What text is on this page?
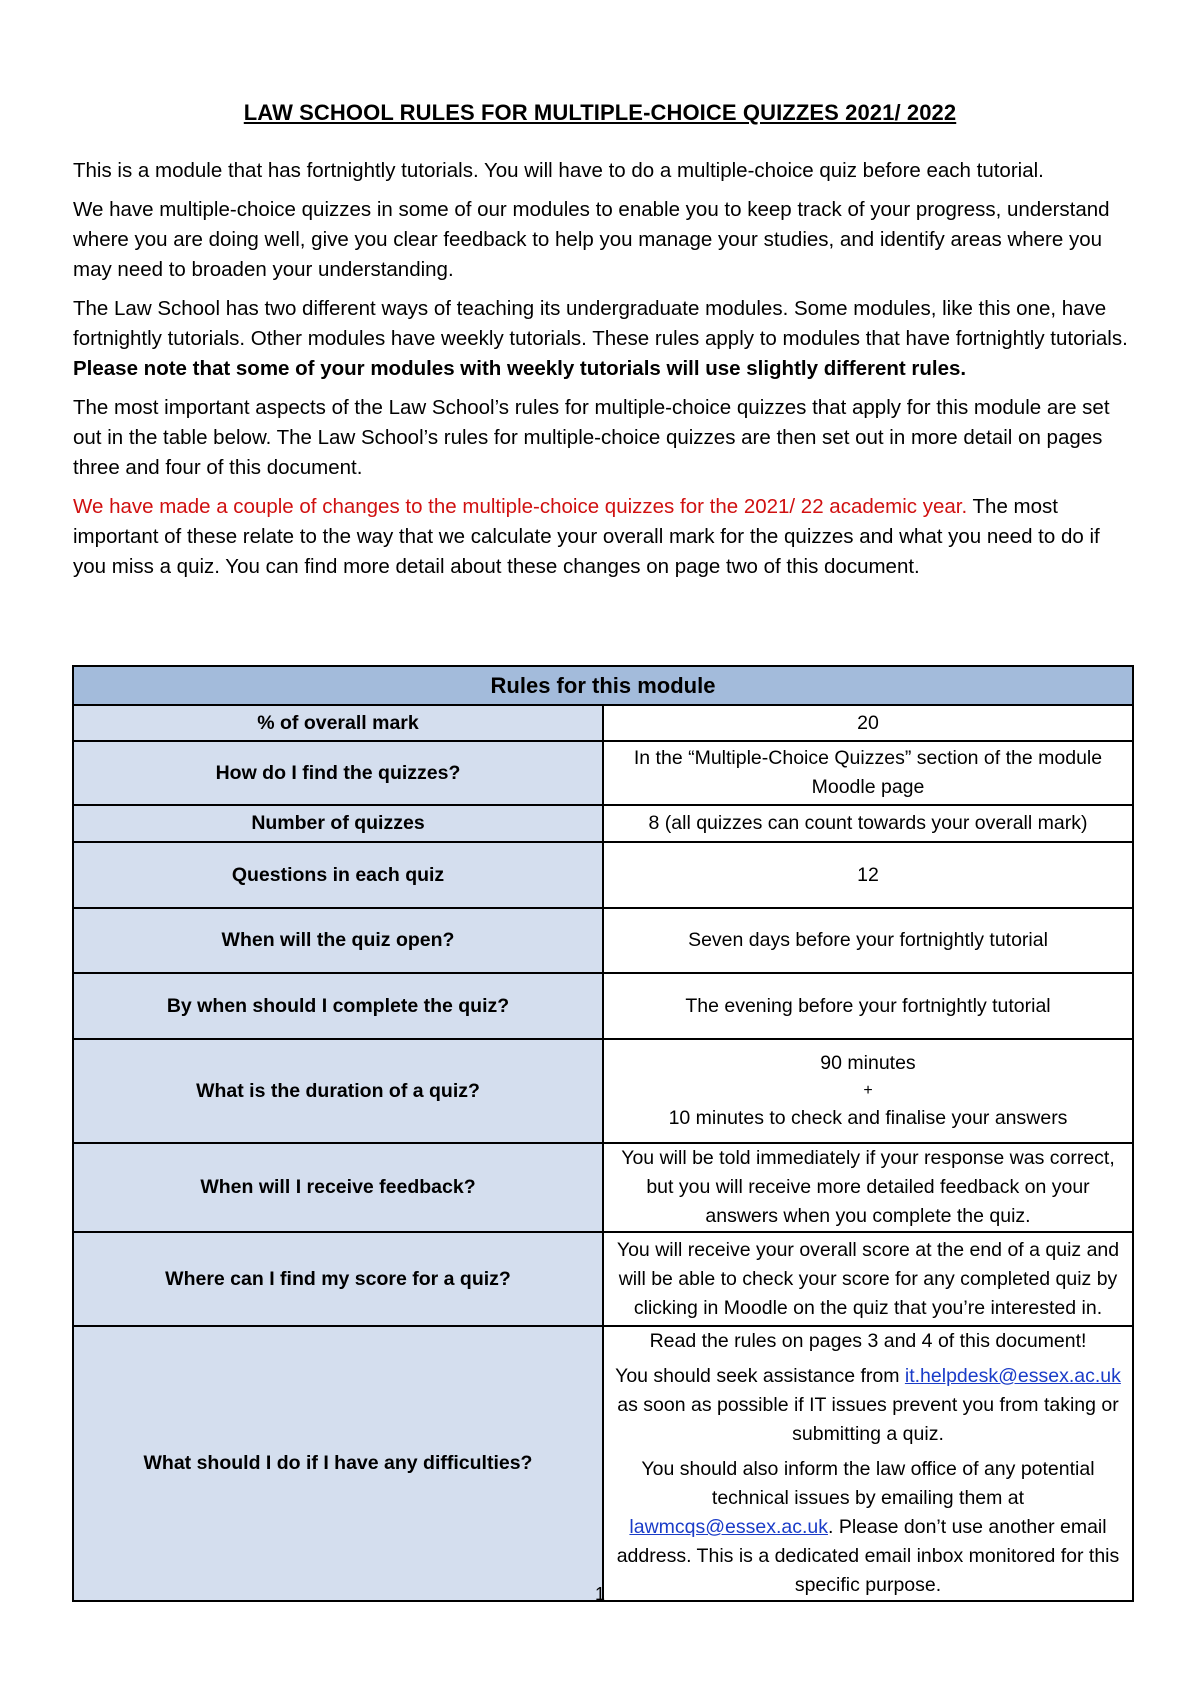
LAW SCHOOL RULES FOR MULTIPLE-CHOICE QUIZZES 2021/ 2022

This is a module that has fortnightly tutorials. You will have to do a multiple-choice quiz before each tutorial.

We have multiple-choice quizzes in some of our modules to enable you to keep track of your progress, understand where you are doing well, give you clear feedback to help you manage your studies, and identify areas where you may need to broaden your understanding.

The Law School has two different ways of teaching its undergraduate modules. Some modules, like this one, have fortnightly tutorials. Other modules have weekly tutorials. These rules apply to modules that have fortnightly tutorials. Please note that some of your modules with weekly tutorials will use slightly different rules.

The most important aspects of the Law School’s rules for multiple-choice quizzes that apply for this module are set out in the table below. The Law School’s rules for multiple-choice quizzes are then set out in more detail on pages three and four of this document.

We have made a couple of changes to the multiple-choice quizzes for the 2021/ 22 academic year. The most important of these relate to the way that we calculate your overall mark for the quizzes and what you need to do if you miss a quiz. You can find more detail about these changes on page two of this document.

Rules for this module	
% of overall mark	20
How do I find the quizzes?	In the “Multiple-Choice Quizzes” section of the module Moodle page
Number of quizzes	8 (all quizzes can count towards your overall mark)
Questions in each quiz	12
When will the quiz open?	Seven days before your fortnightly tutorial
By when should I complete the quiz?	The evening before your fortnightly tutorial
What is the duration of a quiz?	90 minutes

+

10 minutes to check and finalise your answers

When will I receive feedback?	You will be told immediately if your response was correct, but you will receive more detailed feedback on your answers when you complete the quiz.
Where can I find my score for a quiz?	You will receive your overall score at the end of a quiz and will be able to check your score for any completed quiz by clicking in Moodle on the quiz that you’re interested in.
What should I do if I have any difficulties?	Read the rules on pages 3 and 4 of this document!

You should seek assistance from it.helpdesk@essex.ac.uk as soon as possible if IT issues prevent you from taking or submitting a quiz.

You should also inform the law office of any potential technical issues by emailing them at lawmcqs@essex.ac.uk. Please don’t use another email address. This is a dedicated email inbox monitored for this specific purpose.

1
